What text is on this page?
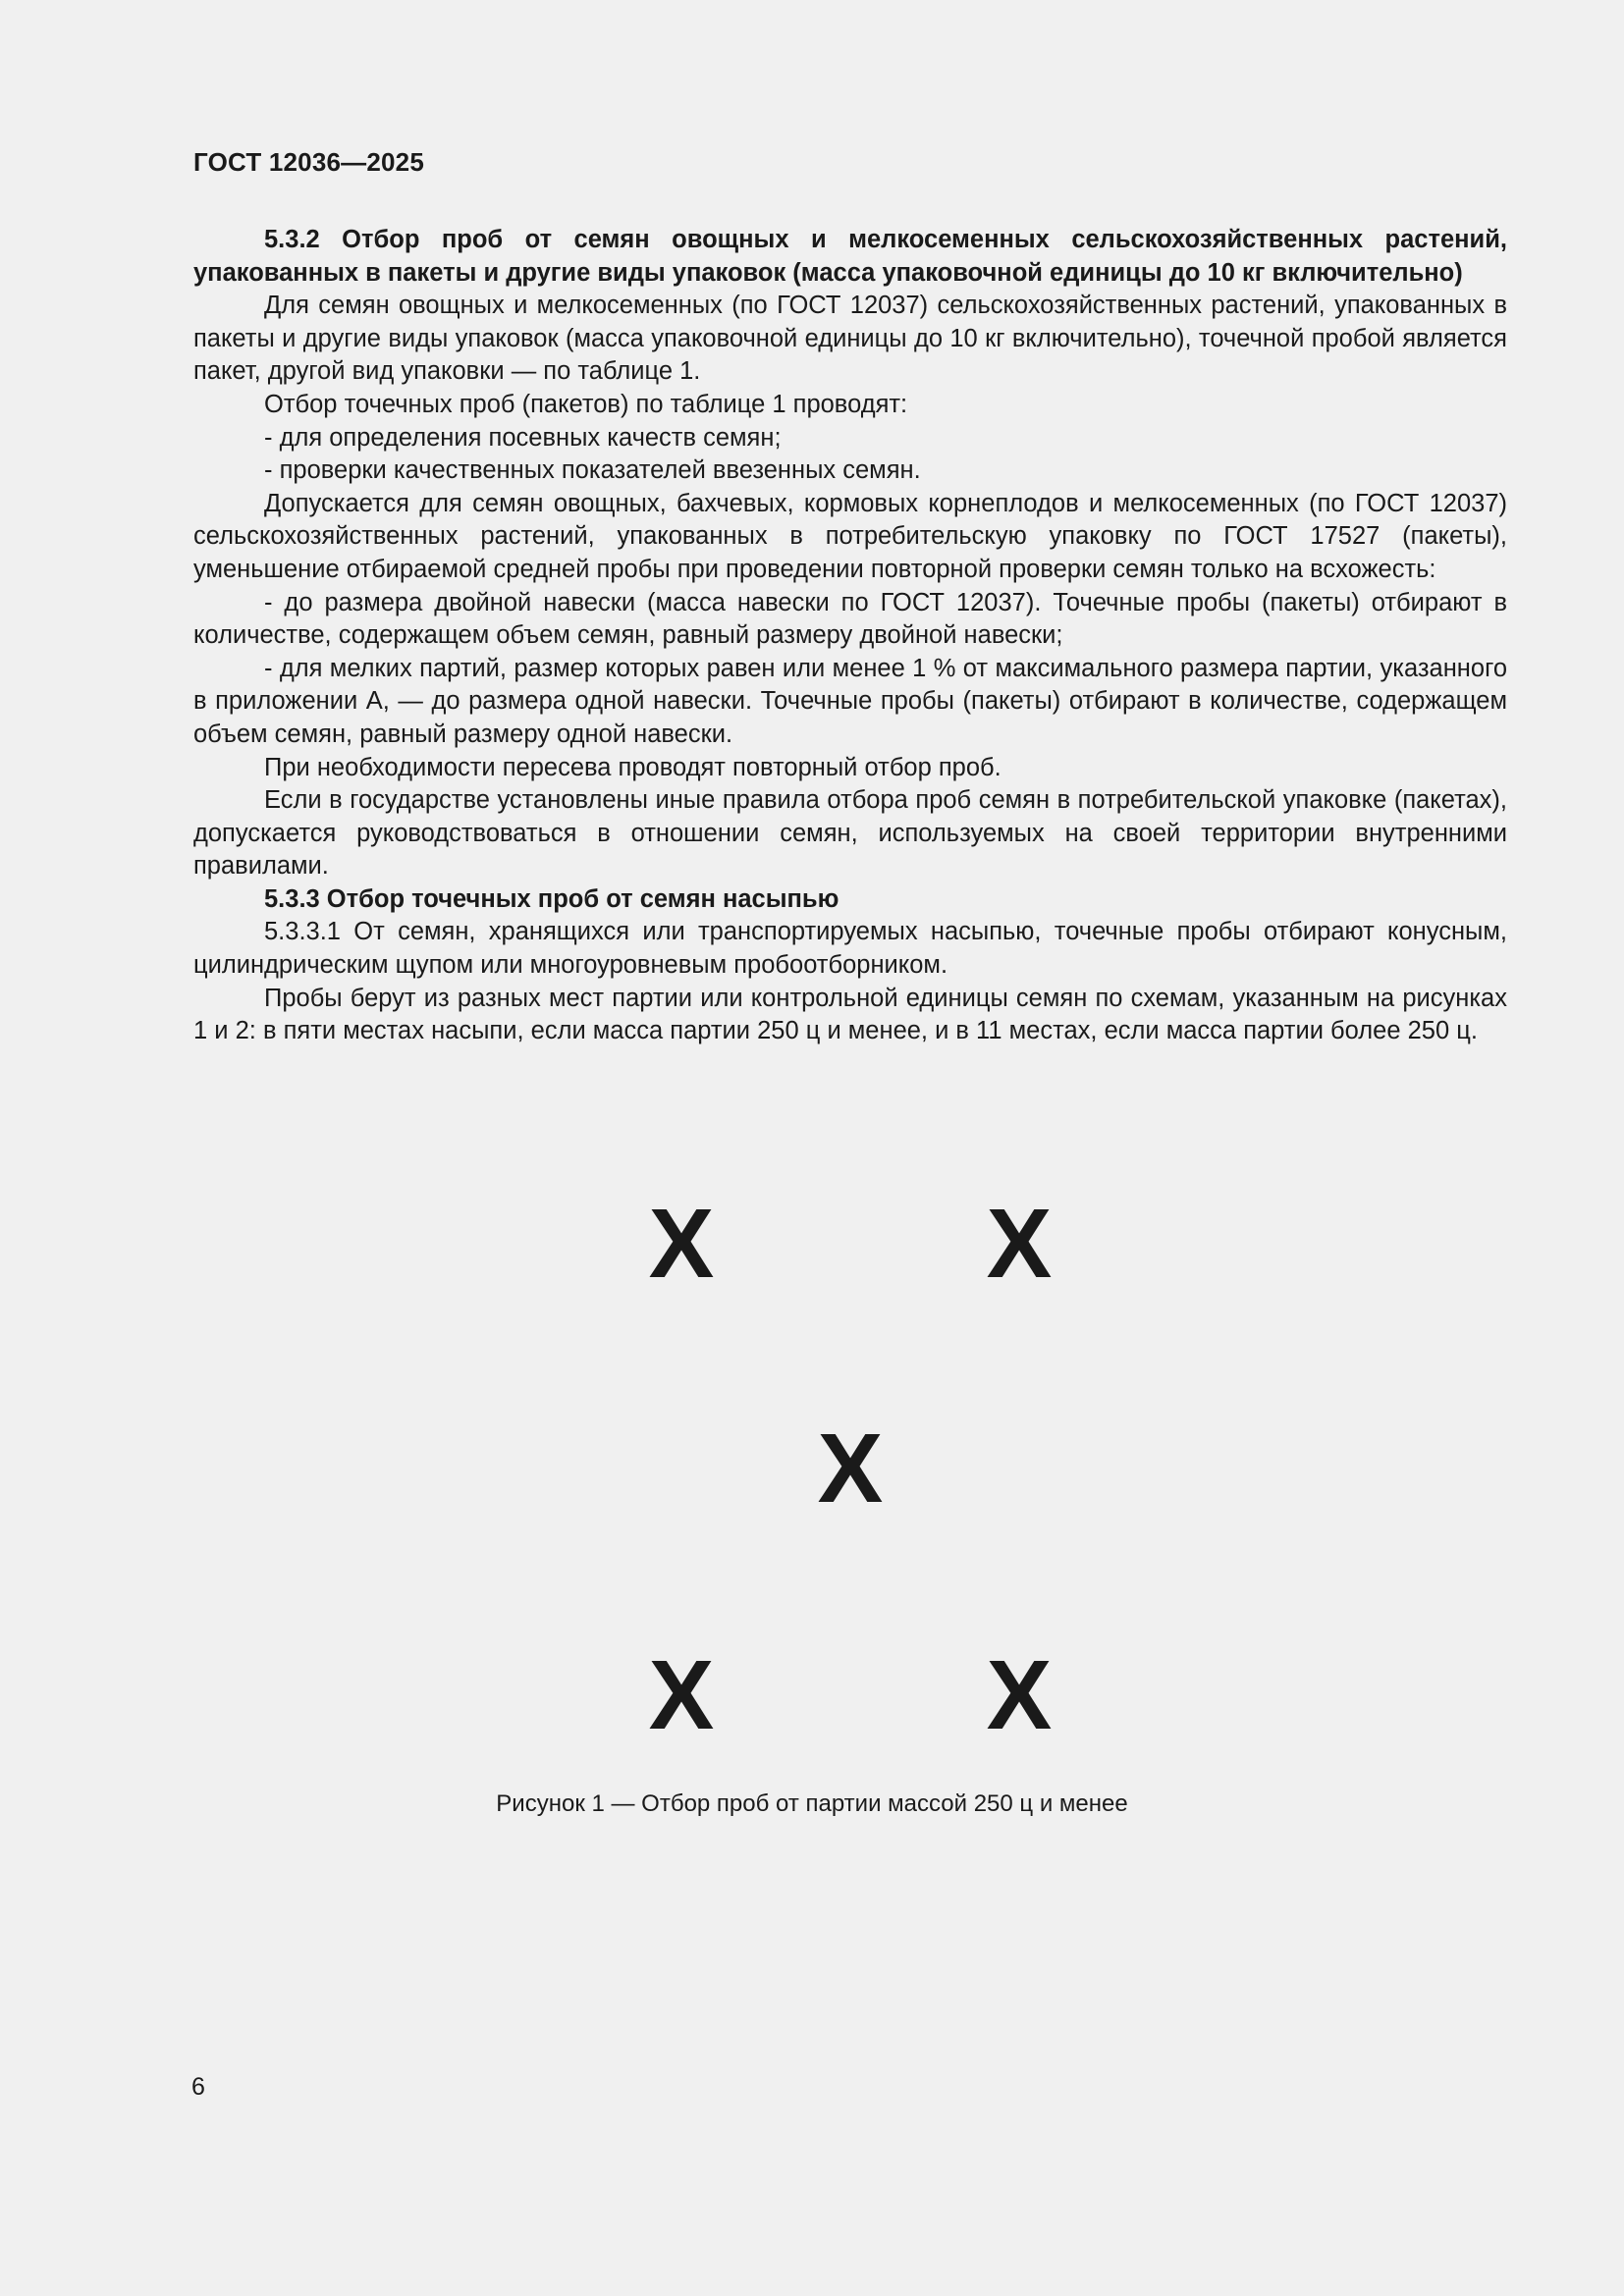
ГОСТ 12036—2025

5.3.2 Отбор проб от семян овощных и мелкосеменных сельскохозяйственных растений, упакованных в пакеты и другие виды упаковок (масса упаковочной единицы до 10 кг включительно)

Для семян овощных и мелкосеменных (по ГОСТ 12037) сельскохозяйственных растений, упакованных в пакеты и другие виды упаковок (масса упаковочной единицы до 10 кг включительно), точечной пробой является пакет, другой вид упаковки — по таблице 1.

Отбор точечных проб (пакетов) по таблице 1 проводят:

- для определения посевных качеств семян;

- проверки качественных показателей ввезенных семян.

Допускается для семян овощных, бахчевых, кормовых корнеплодов и мелкосеменных (по ГОСТ 12037) сельскохозяйственных растений, упакованных в потребительскую упаковку по ГОСТ 17527 (пакеты), уменьшение отбираемой средней пробы при проведении повторной проверки семян только на всхожесть:

- до размера двойной навески (масса навески по ГОСТ 12037). Точечные пробы (пакеты) отбирают в количестве, содержащем объем семян, равный размеру двойной навески;

- для мелких партий, размер которых равен или менее 1 % от максимального размера партии, указанного в приложении А, — до размера одной навески. Точечные пробы (пакеты) отбирают в количестве, содержащем объем семян, равный размеру одной навески.

При необходимости пересева проводят повторный отбор проб.

Если в государстве установлены иные правила отбора проб семян в потребительской упаковке (пакетах), допускается руководствоваться в отношении семян, используемых на своей территории внутренними правилами.

5.3.3 Отбор точечных проб от семян насыпью

5.3.3.1 От семян, хранящихся или транспортируемых насыпью, точечные пробы отбирают конусным, цилиндрическим щупом или многоуровневым пробоотборником.

Пробы берут из разных мест партии или контрольной единицы семян по схемам, указанным на рисунках 1 и 2: в пяти местах насыпи, если масса партии 250 ц и менее, и в 11 местах, если масса партии более 250 ц.

X	X
X
X	X
Рисунок 1 — Отбор проб от партии массой 250 ц и менее
6
